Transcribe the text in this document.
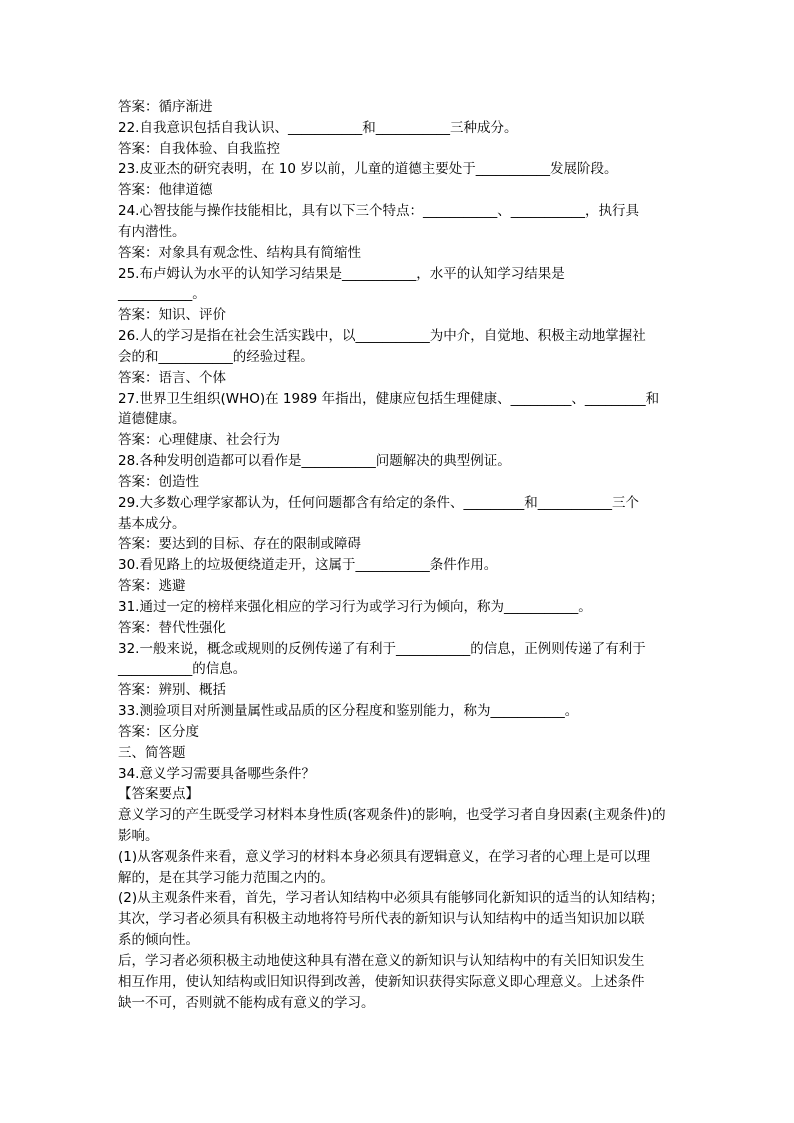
答案：循序渐进
22.自我意识包括自我认识、___________和___________三种成分。
答案：自我体验、自我监控
23.皮亚杰的研究表明，在 10 岁以前，儿童的道德主要处于___________发展阶段。
答案：他律道德
24.心智技能与操作技能相比，具有以下三个特点：___________、___________，执行具
有内潜性。
答案：对象具有观念性、结构具有简缩性
25.布卢姆认为水平的认知学习结果是___________，水平的认知学习结果是
___________。
答案：知识、评价
26.人的学习是指在社会生活实践中，以___________为中介，自觉地、积极主动地掌握社
会的和___________的经验过程。
答案：语言、个体
27.世界卫生组织(WHO)在 1989 年指出，健康应包括生理健康、_________、_________和
道德健康。
答案：心理健康、社会行为
28.各种发明创造都可以看作是___________问题解决的典型例证。
答案：创造性
29.大多数心理学家都认为，任何问题都含有给定的条件、_________和___________三个
基本成分。
答案：要达到的目标、存在的限制或障碍
30.看见路上的垃圾便绕道走开，这属于___________条件作用。
答案：逃避
31.通过一定的榜样来强化相应的学习行为或学习行为倾向，称为___________。
答案：替代性强化
32.一般来说，概念或规则的反例传递了有利于___________的信息，正例则传递了有利于
___________的信息。
答案：辨别、概括
33.测验项目对所测量属性或品质的区分程度和鉴别能力，称为___________。
答案：区分度
三、简答题
34.意义学习需要具备哪些条件？
【答案要点】
意义学习的产生既受学习材料本身性质(客观条件)的影响，也受学习者自身因素(主观条件)的
影响。
(1)从客观条件来看，意义学习的材料本身必须具有逻辑意义，在学习者的心理上是可以理
解的，是在其学习能力范围之内的。
(2)从主观条件来看，首先，学习者认知结构中必须具有能够同化新知识的适当的认知结构；
其次，学习者必须具有积极主动地将符号所代表的新知识与认知结构中的适当知识加以联
系的倾向性。
后，学习者必须积极主动地使这种具有潜在意义的新知识与认知结构中的有关旧知识发生
相互作用，使认知结构或旧知识得到改善，使新知识获得实际意义即心理意义。上述条件
缺一不可，否则就不能构成有意义的学习。
